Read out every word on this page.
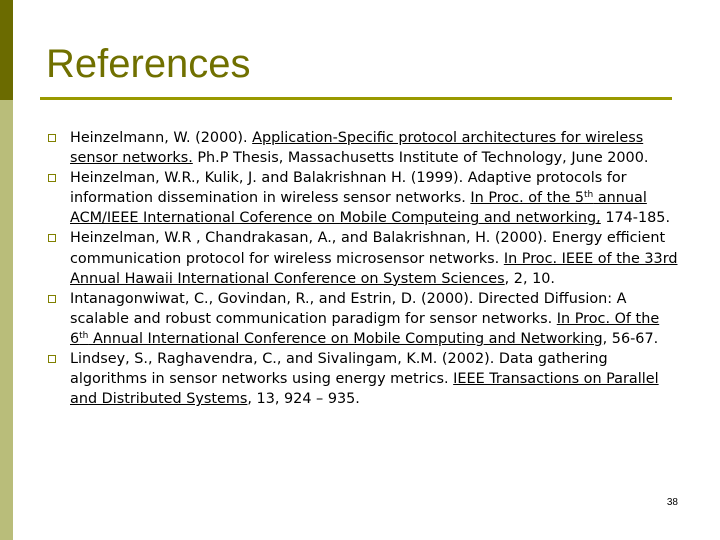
References
Heinzelmann, W. (2000). Application-Specific protocol architectures for wireless sensor networks. Ph.P Thesis, Massachusetts Institute of Technology, June 2000.
Heinzelman, W.R., Kulik, J. and Balakrishnan H. (1999). Adaptive protocols for information dissemination in wireless sensor networks. In Proc. of the 5th annual ACM/IEEE International Coference on Mobile Computeing and networking, 174-185.
Heinzelman, W.R , Chandrakasan, A., and Balakrishnan, H. (2000). Energy efficient communication protocol for wireless microsensor networks. In Proc. IEEE of the 33rd Annual Hawaii International Conference on System Sciences, 2, 10.
Intanagonwiwat, C., Govindan, R., and Estrin, D. (2000). Directed Diffusion: A scalable and robust communication paradigm for sensor networks. In Proc. Of the 6th Annual International Conference on Mobile Computing and Networking, 56-67.
Lindsey, S., Raghavendra, C., and Sivalingam, K.M. (2002). Data gathering algorithms in sensor networks using energy metrics. IEEE Transactions on Parallel and Distributed Systems, 13, 924 – 935.
38
